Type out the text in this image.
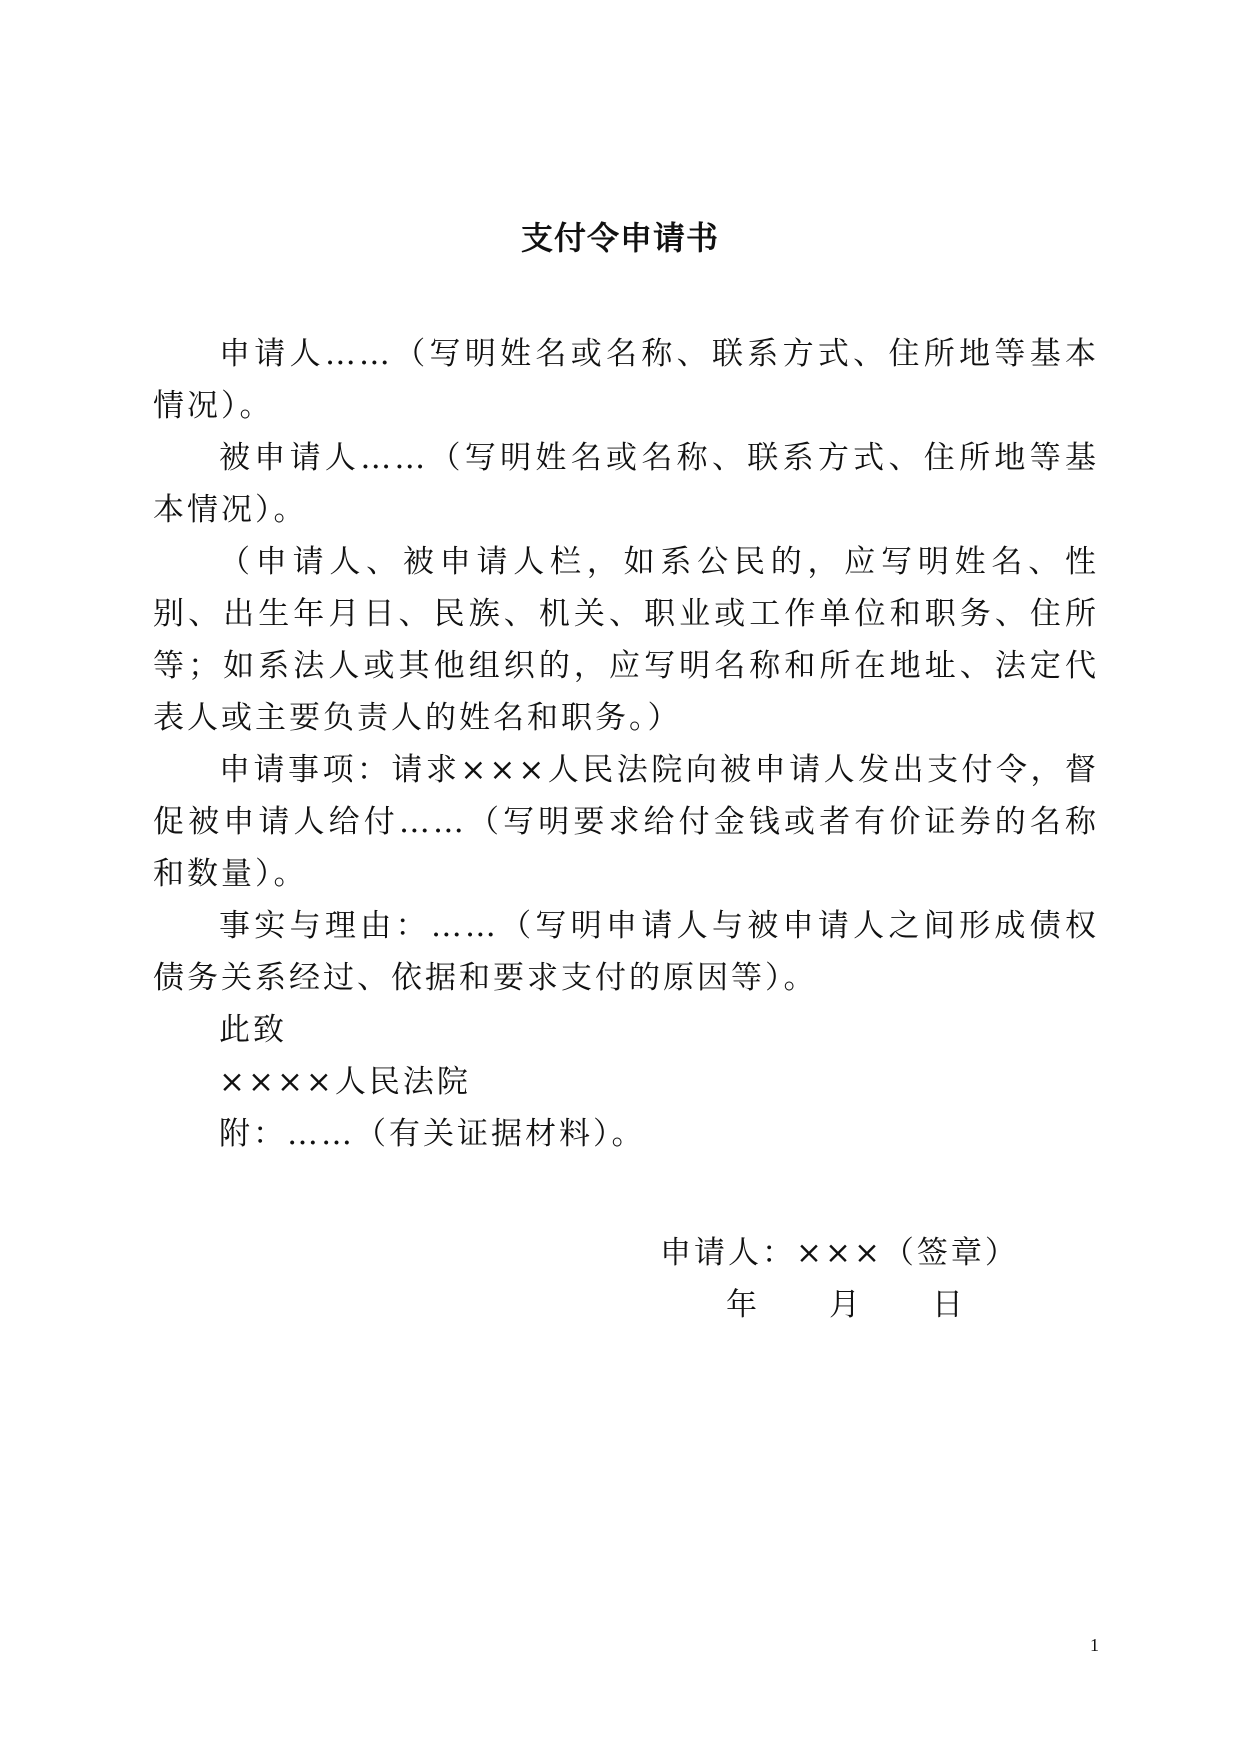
支付令申请书

申请人……（写明姓名或名称、联系方式、住所地等基本情况）。

被申请人……（写明姓名或名称、联系方式、住所地等基本情况）。

（申请人、被申请人栏，如系公民的，应写明姓名、性别、出生年月日、民族、机关、职业或工作单位和职务、住所等；如系法人或其他组织的，应写明名称和所在地址、法定代表人或主要负责人的姓名和职务。）

申请事项：请求×××人民法院向被申请人发出支付令，督促被申请人给付……（写明要求给付金钱或者有价证券的名称和数量）。

事实与理由：……（写明申请人与被申请人之间形成债权债务关系经过、依据和要求支付的原因等）。

此致

××××人民法院

附：……（有关证据材料）。

申请人：×××（签章）
年 月 日
1
